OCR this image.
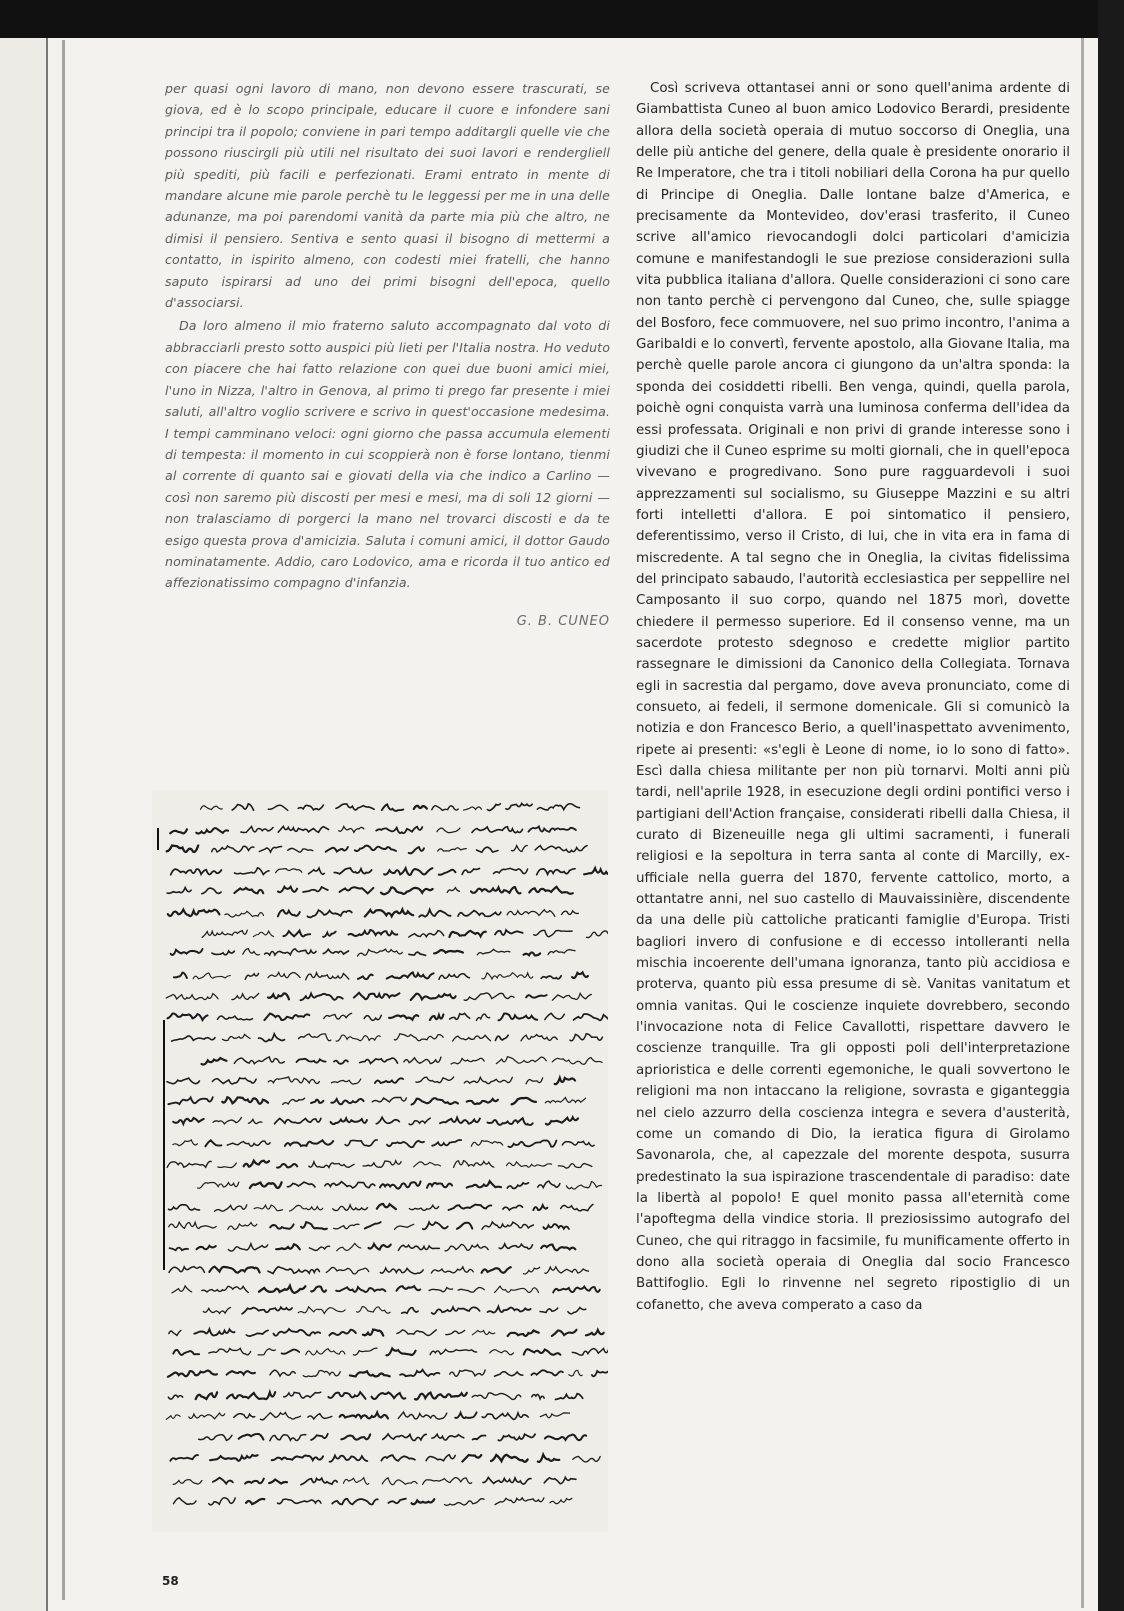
per quasi ogni lavoro di mano, non devono essere trascurati, se giova, ed è lo scopo principale, educare il cuore e infondere sani principi tra il popolo; conviene in pari tempo additargli quelle vie che possono riuscirgli più utili nel risultato dei suoi lavori e rendergliell più spediti, più facili e perfezionati. Erami entrato in mente di mandare alcune mie parole perchè tu le leggessi per me in una delle adunanze, ma poi parendomi vanità da parte mia più che altro, ne dimisi il pensiero. Sentiva e sento quasi il bisogno di mettermi a contatto, in ispirito almeno, con codesti miei fratelli, che hanno saputo ispirarsi ad uno dei primi bisogni dell'epoca, quello d'associarsi.

Da loro almeno il mio fraterno saluto accompagnato dal voto di abbracciarli presto sotto auspici più lieti per l'Italia nostra. Ho veduto con piacere che hai fatto relazione con quei due buoni amici miei, l'uno in Nizza, l'altro in Genova, al primo ti prego far presente i miei saluti, all'altro voglio scrivere e scrivo in quest'occasione medesima. I tempi camminano veloci: ogni giorno che passa accumula elementi di tempesta: il momento in cui scoppierà non è forse lontano, tienmi al corrente di quanto sai e giovati della via che indico a Carlino — così non saremo più discosti per mesi e mesi, ma di soli 12 giorni — non tralasciamo di porgerci la mano nel trovarci discosti e da te esigo questa prova d'amicizia. Saluta i comuni amici, il dottor Gaudo nominatamente. Addio, caro Lodovico, ama e ricorda il tuo antico ed affezionatissimo compagno d'infanzia.

G. B. CUNEO

Così scriveva ottantasei anni or sono quell'anima ardente di Giambattista Cuneo al buon amico Lodovico Berardi, presidente allora della società operaia di mutuo soccorso di Oneglia, una delle più antiche del genere, della quale è presidente onorario il Re Imperatore, che tra i titoli nobiliari della Corona ha pur quello di Principe di Oneglia. Dalle lontane balze d'America, e precisamente da Montevideo, dov'erasi trasferito, il Cuneo scrive all'amico rievocandogli dolci particolari d'amicizia comune e manifestandogli le sue preziose considerazioni sulla vita pubblica italiana d'allora. Quelle considerazioni ci sono care non tanto perchè ci pervengono dal Cuneo, che, sulle spiagge del Bosforo, fece commuovere, nel suo primo incontro, l'anima a Garibaldi e lo convertì, fervente apostolo, alla Giovane Italia, ma perchè quelle parole ancora ci giungono da un'altra sponda: la sponda dei cosiddetti ribelli. Ben venga, quindi, quella parola, poichè ogni conquista varrà una luminosa conferma dell'idea da essi professata. Originali e non privi di grande interesse sono i giudizi che il Cuneo esprime su molti giornali, che in quell'epoca vivevano e progredivano. Sono pure ragguardevoli i suoi apprezzamenti sul socialismo, su Giuseppe Mazzini e su altri forti intelletti d'allora. E poi sintomatico il pensiero, deferentissimo, verso il Cristo, di lui, che in vita era in fama di miscredente. A tal segno che in Oneglia, la civitas fidelissima del principato sabaudo, l'autorità ecclesiastica per seppellire nel Camposanto il suo corpo, quando nel 1875 morì, dovette chiedere il permesso superiore. Ed il consenso venne, ma un sacerdote protesto sdegnoso e credette miglior partito rassegnare le dimissioni da Canonico della Collegiata. Tornava egli in sacrestia dal pergamo, dove aveva pronunciato, come di consueto, ai fedeli, il sermone domenicale. Gli si comunicò la notizia e don Francesco Berio, a quell'inaspettato avvenimento, ripete ai presenti: «s'egli è Leone di nome, io lo sono di fatto». Escì dalla chiesa militante per non più tornarvi. Molti anni più tardi, nell'aprile 1928, in esecuzione degli ordini pontifici verso i partigiani dell'Action française, considerati ribelli dalla Chiesa, il curato di Bizeneuille nega gli ultimi sacramenti, i funerali religiosi e la sepoltura in terra santa al conte di Marcilly, ex-ufficiale nella guerra del 1870, fervente cattolico, morto, a ottantatre anni, nel suo castello di Mauvaissinière, discendente da una delle più cattoliche praticanti famiglie d'Europa. Tristi bagliori invero di confusione e di eccesso intolleranti nella mischia incoerente dell'umana ignoranza, tanto più accidiosa e proterva, quanto più essa presume di sè. Vanitas vanitatum et omnia vanitas. Qui le coscienze inquiete dovrebbero, secondo l'invocazione nota di Felice Cavallotti, rispettare davvero le coscienze tranquille. Tra gli opposti poli dell'interpretazione aprioristica e delle correnti egemoniche, le quali sovvertono le religioni ma non intaccano la religione, sovrasta e giganteggia nel cielo azzurro della coscienza integra e severa d'austerità, come un comando di Dio, la ieratica figura di Girolamo Savonarola, che, al capezzale del morente despota, susurra predestinato la sua ispirazione trascendentale di paradiso: date la libertà al popolo! E quel monito passa all'eternità come l'apoftegma della vindice storia. Il preziosissimo autografo del Cuneo, che qui ritraggo in facsimile, fu munificamente offerto in dono alla società operaia di Oneglia dal socio Francesco Battifoglio. Egli lo rinvenne nel segreto ripostiglio di un cofanetto, che aveva comperato a caso da

58
